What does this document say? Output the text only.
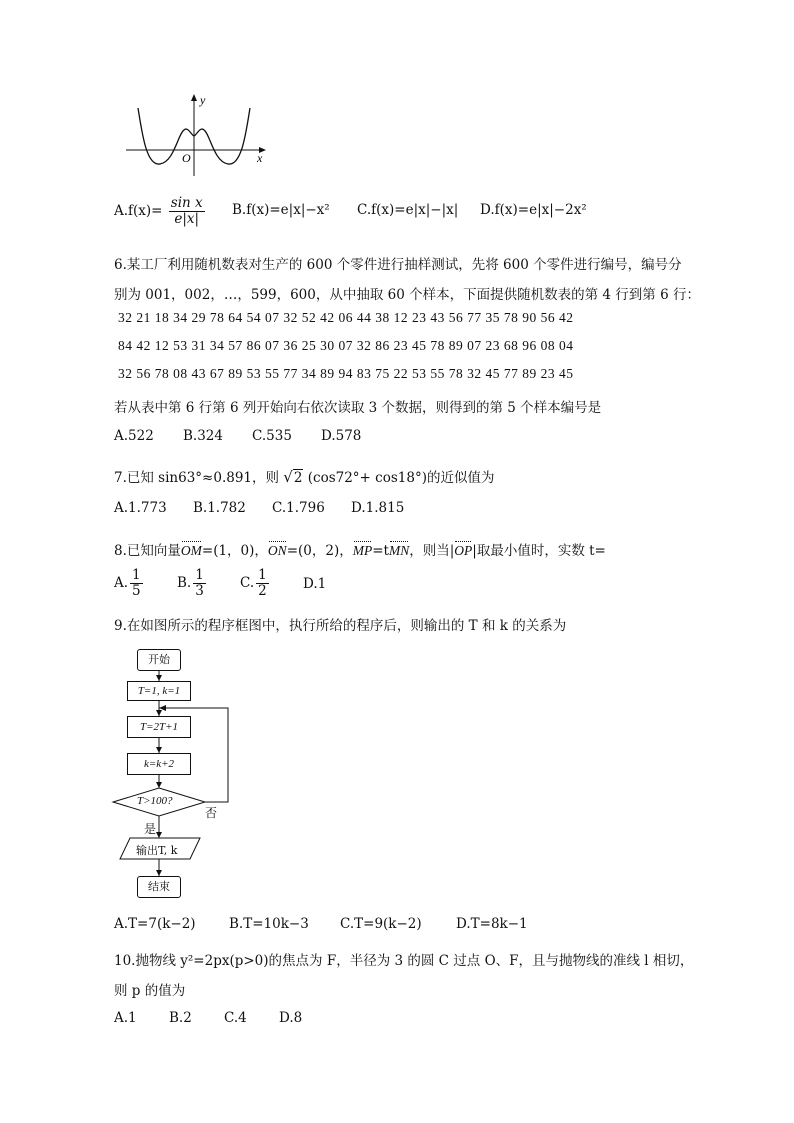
y
x
O
$A.f(x)= \frac{\text{sin x}}{e|x|} B.f(x)=e|x|-x^2$ C.f(x)=e|x|−|x| D.f(x)=e|x|−2x²
6.某工厂利用随机数表对生产的 600 个零件进行抽样测试，先将 600 个零件进行编号，编号分
别为 001，002，…，599，600，从中抽取 60 个样本，下面提供随机数表的第 4 行到第 6 行：
32 21 18 34 29 78 64 54 07 32 52 42 06 44 38 12 23 43 56 77 35 78 90 56 42
84 42 12 53 31 34 57 86 07 36 25 30 07 32 86 23 45 78 89 07 23 68 96 08 04
32 56 78 08 43 67 89 53 55 77 34 89 94 83 75 22 53 55 78 32 45 77 89 23 45
若从表中第 6 行第 6 列开始向右依次读取 3 个数据，则得到的第 5 个样本编号是
A.522 B.324 C.535 D.578
7.已知 sin63°≈0.891，则 √2 (cos72°+ cos18°)的近似值为
A.1.773 B.1.782 C.1.796 D.1.815
8.已知向量OM=(1，0)，ON=(0，2)，MP=tMN，则当|OP|取最小值时，实数 t=
A. $\frac{1}{5}$	B. $\frac{1}{3}$	C. $\frac{1}{2}$	D.1
9.在如图所示的程序框图中，执行所给的程序后，则输出的 T 和 k 的关系为
开始
T=1, k=1
T=2T+1
k=k+2
T>100?
否
是
输出T, k
结束
A.T=7(k−2) B.T=10k−3 C.T=9(k−2)	D.T=8k−1
10.抛物线 y²=2px(p>0)的焦点为 F，半径为 3 的圆 C 过点 O、F，且与抛物线的准线 l 相切，
则 p 的值为
A.1 B.2 C.4 D.8
